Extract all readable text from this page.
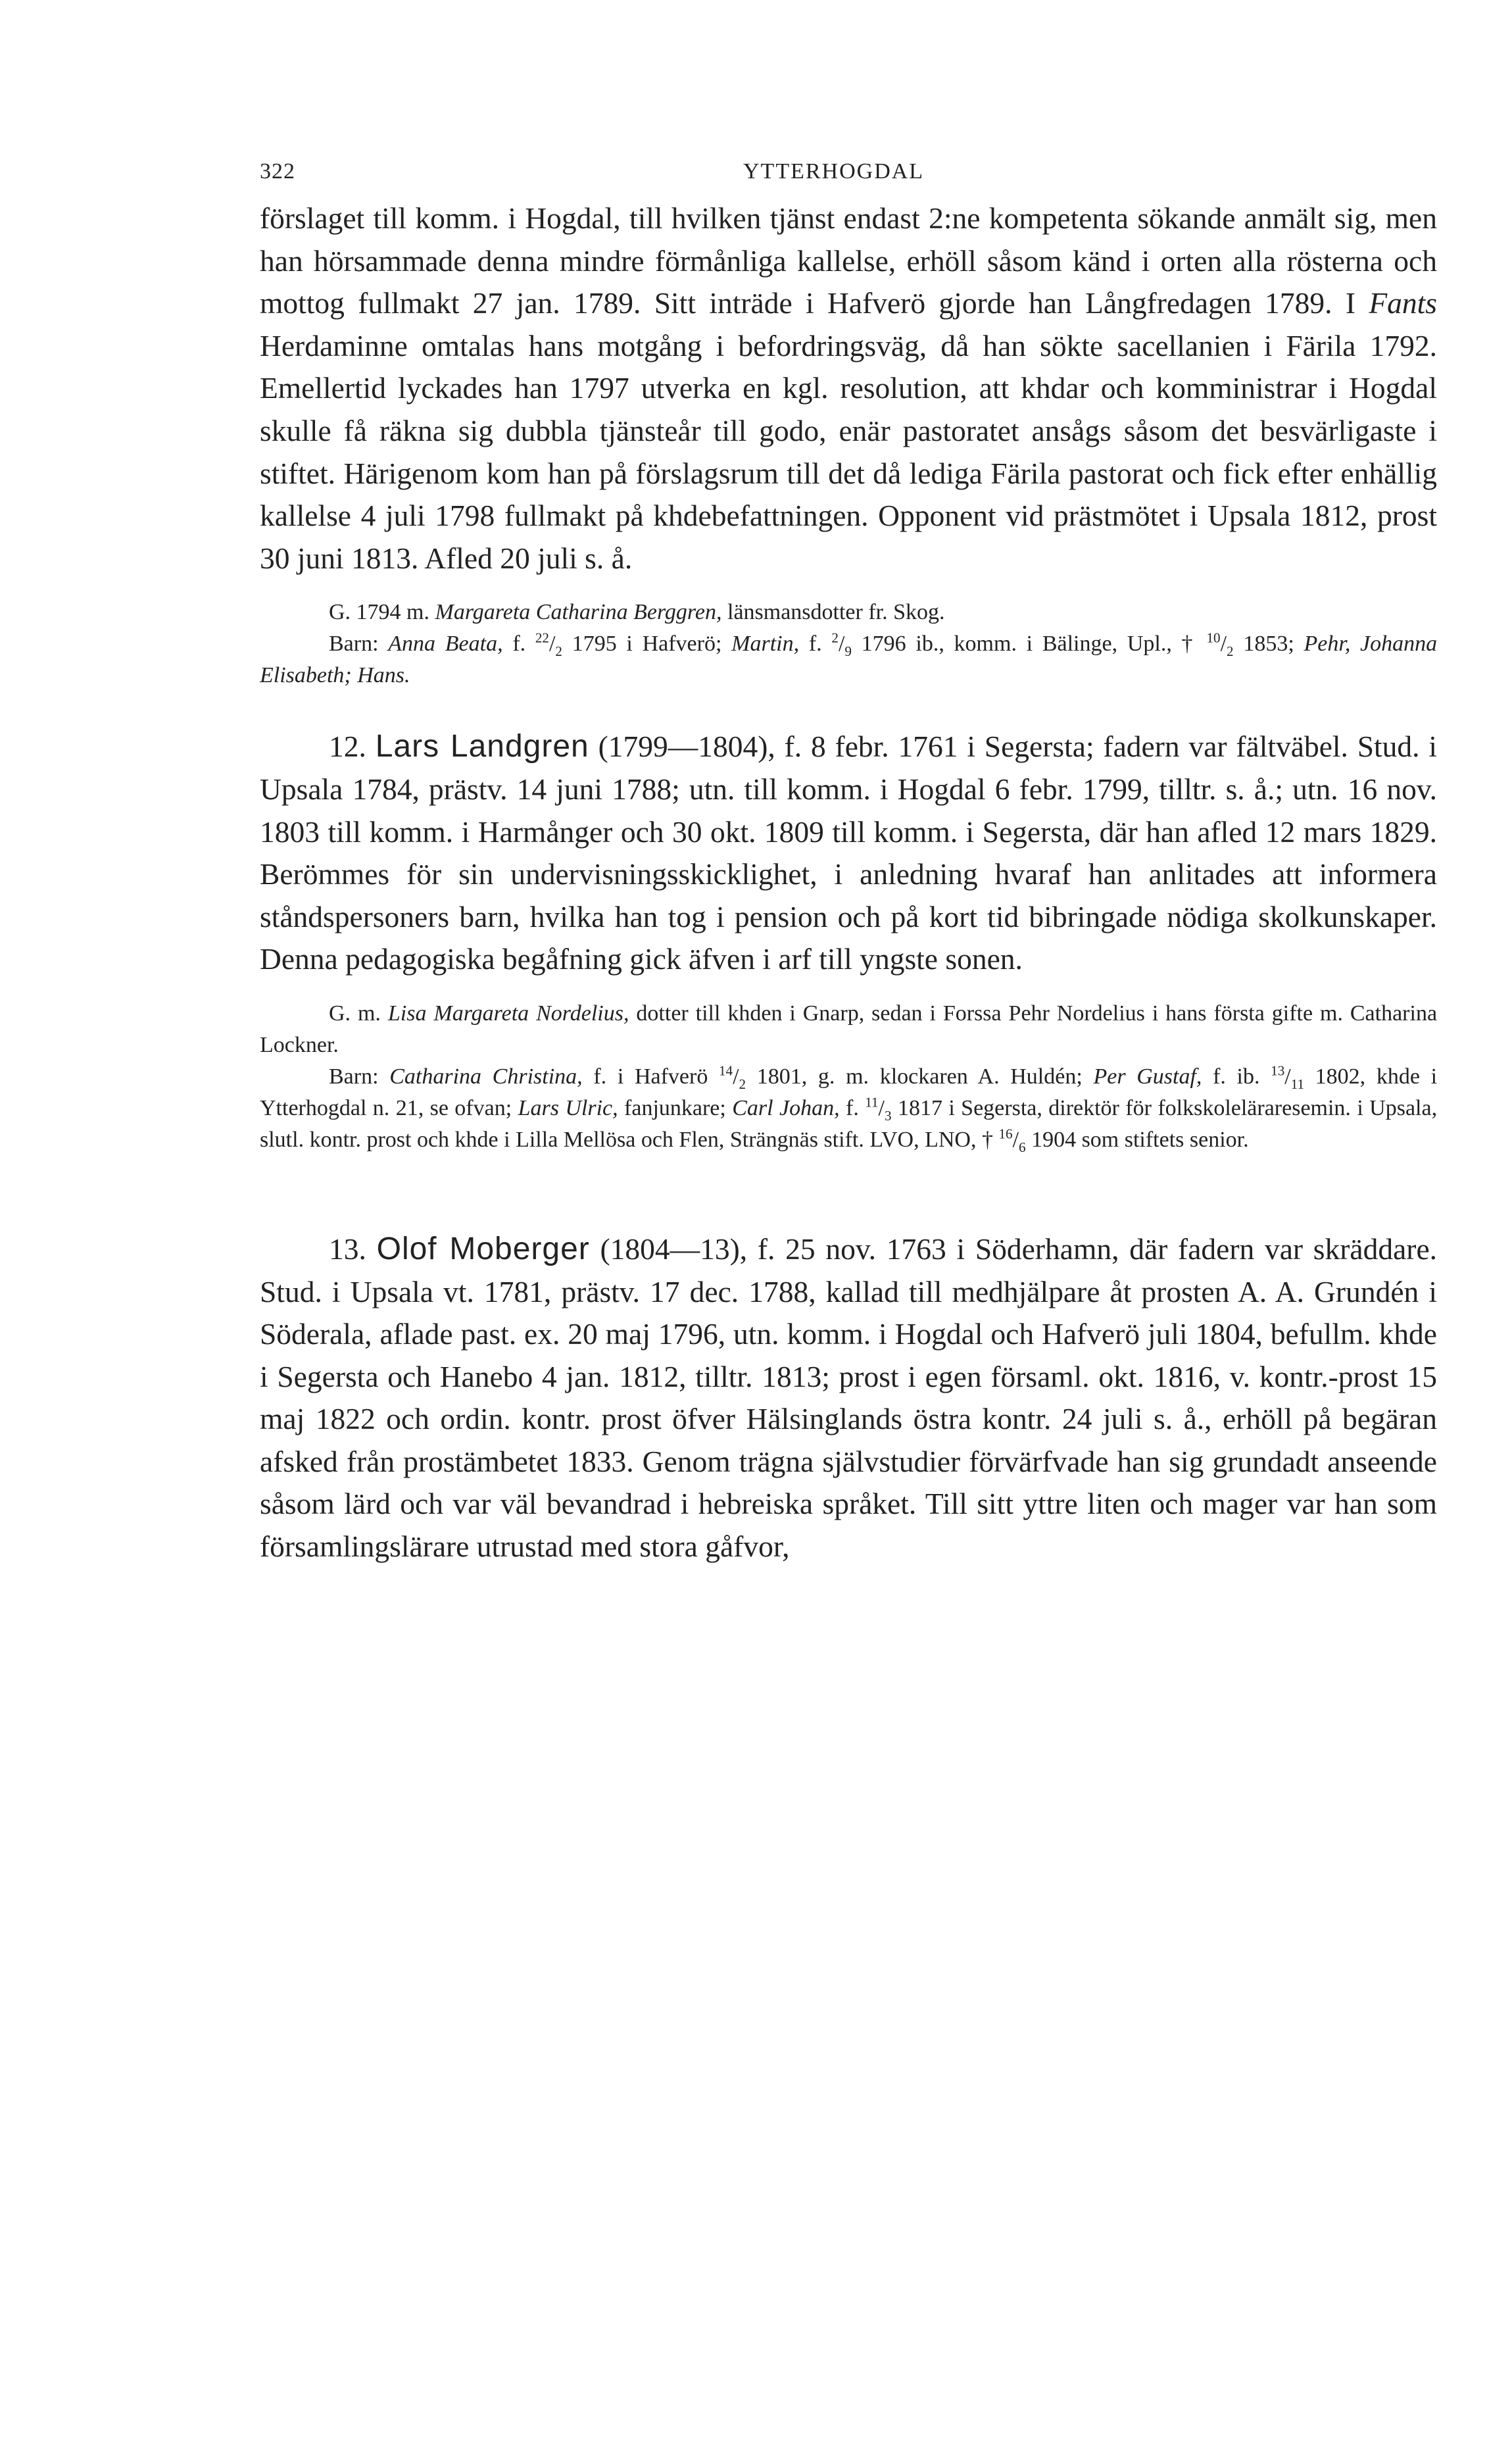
322	YTTERHOGDAL

förslaget till komm. i Hogdal, till hvilken tjänst endast 2:ne kompetenta sökande anmält sig, men han hörsammade denna mindre förmånliga kallelse, erhöll såsom känd i orten alla rösterna och mottog fullmakt 27 jan. 1789. Sitt inträde i Hafverö gjorde han Långfredagen 1789. I Fants Herdaminne omtalas hans motgång i befordringsväg, då han sökte sacellanien i Färila 1792. Emellertid lyckades han 1797 utverka en kgl. resolution, att khdar och komministrar i Hogdal skulle få räkna sig dubbla tjänsteår till godo, enär pastoratet ansågs såsom det besvärligaste i stiftet. Härigenom kom han på förslagsrum till det då lediga Färila pastorat och fick efter enhällig kallelse 4 juli 1798 fullmakt på khdebefattningen. Opponent vid prästmötet i Upsala 1812, prost 30 juni 1813. Afled 20 juli s. å.

G. 1794 m. Margareta Catharina Berggren, länsmansdotter fr. Skog.

Barn: Anna Beata, f. $^{22}/_2$ 1795 i Hafverö; Martin, f. $^2/_9$ 1796 ib., komm. i Bälinge, Upl., † $^{10}/_2$ 1853; Pehr, Johanna Elisabeth; Hans.

12. Lars Landgren (1799—1804), f. 8 febr. 1761 i Segersta; fadern var fältväbel. Stud. i Upsala 1784, prästv. 14 juni 1788; utn. till komm. i Hogdal 6 febr. 1799, tilltr. s. å.; utn. 16 nov. 1803 till komm. i Harmånger och 30 okt. 1809 till komm. i Segersta, där han afled 12 mars 1829. Berömmes för sin undervisningsskicklighet, i anledning hvaraf han anlitades att informera ståndspersoners barn, hvilka han tog i pension och på kort tid bibringade nödiga skolkunskaper. Denna pedagogiska begåfning gick äfven i arf till yngste sonen.

G. m. Lisa Margareta Nordelius, dotter till khden i Gnarp, sedan i Forssa Pehr Nordelius i hans första gifte m. Catharina Lockner.

Barn: Catharina Christina, f. i Hafverö $^{14}/_2$ 1801, g. m. klockaren A. Huldén; Per Gustaf, f. ib. $^{13}/_{11}$ 1802, khde i Ytterhogdal n. 21, se ofvan; Lars Ulric, fanjunkare; Carl Johan, f. $^{11}/_3$ 1817 i Segersta, direktör för folkskoleläraresemin. i Upsala, slutl. kontr. prost och khde i Lilla Mellösa och Flen, Strängnäs stift. LVO, LNO, † $^{16}/_6$ 1904 som stiftets senior.

13. Olof Moberger (1804—13), f. 25 nov. 1763 i Söderhamn, där fadern var skräddare. Stud. i Upsala vt. 1781, prästv. 17 dec. 1788, kallad till medhjälpare åt prosten A. A. Grundén i Söderala, aflade past. ex. 20 maj 1796, utn. komm. i Hogdal och Hafverö juli 1804, befullm. khde i Segersta och Hanebo 4 jan. 1812, tilltr. 1813; prost i egen församl. okt. 1816, v. kontr.-prost 15 maj 1822 och ordin. kontr. prost öfver Hälsinglands östra kontr. 24 juli s. å., erhöll på begäran afsked från prostämbetet 1833. Genom trägna självstudier förvärfvade han sig grundadt anseende såsom lärd och var väl bevandrad i hebreiska språket. Till sitt yttre liten och mager var han som församlingslärare utrustad med stora gåfvor,
